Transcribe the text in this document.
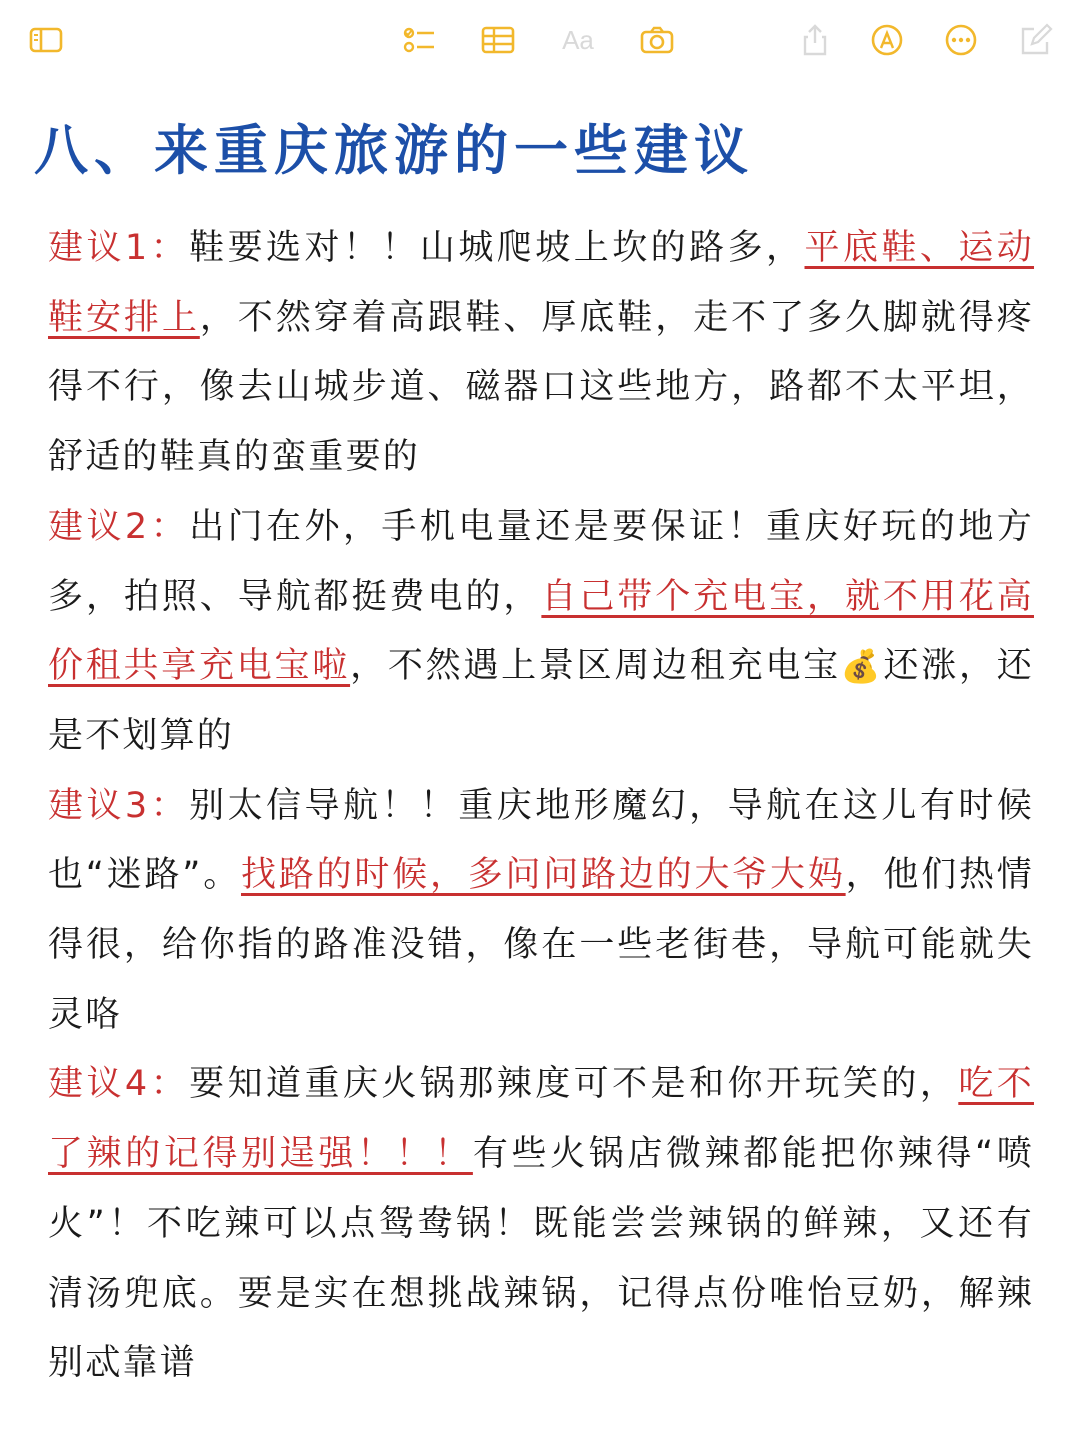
Aa
八、来重庆旅游的一些建议

建议1：鞋要选对！！山城爬坡上坎的路多，平底鞋、运动鞋安排上，不然穿着高跟鞋、厚底鞋，走不了多久脚就得疼得不行，像去山城步道、磁器口这些地方，路都不太平坦，舒适的鞋真的蛮重要的

建议2：出门在外，手机电量还是要保证！重庆好玩的地方多，拍照、导航都挺费电的，自己带个充电宝，就不用花高价租共享充电宝啦，不然遇上景区周边租充电宝💰还涨，还是不划算的

建议3：别太信导航！！重庆地形魔幻，导航在这儿有时候也“迷路”。找路的时候，多问问路边的大爷大妈，他们热情得很，给你指的路准没错，像在一些老街巷，导航可能就失灵咯

建议4：要知道重庆火锅那辣度可不是和你开玩笑的，吃不了辣的记得别逞强！！！有些火锅店微辣都能把你辣得“喷火”！不吃辣可以点鸳鸯锅！既能尝尝辣锅的鲜辣，又还有清汤兜底。要是实在想挑战辣锅，记得点份唯怡豆奶，解辣别忒靠谱
